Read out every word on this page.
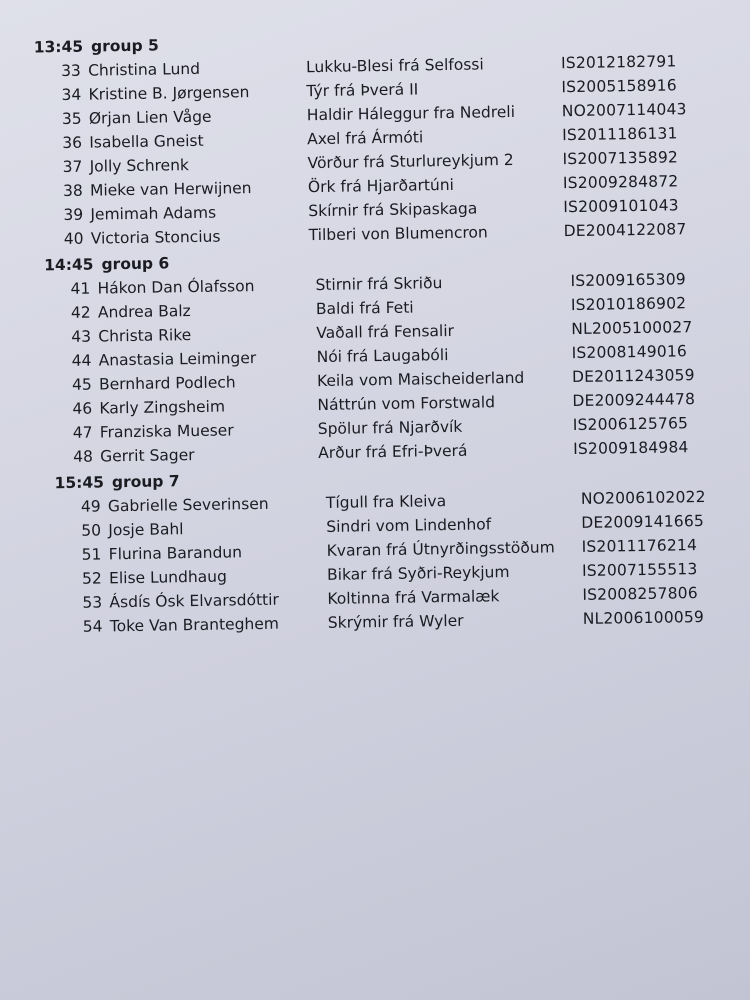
13:45 group 5
33 Christina Lund	Lukku-Blesi frá Selfossi	IS2012182791
34 Kristine B. Jørgensen	Týr frá Þverá II	IS2005158916
35 Ørjan Lien Våge	Haldir Háleggur fra Nedreli	NO2007114043
36 Isabella Gneist	Axel frá Ármóti	IS2011186131
37 Jolly Schrenk	Vörður frá Sturlureykjum 2	IS2007135892
38 Mieke van Herwijnen	Örk frá Hjarðartúni	IS2009284872
39 Jemimah Adams	Skírnir frá Skipaskaga	IS2009101043
40 Victoria Stoncius	Tilberi von Blumencron	DE2004122087
14:45 group 6
41 Hákon Dan Ólafsson	Stirnir frá Skriðu	IS2009165309
42 Andrea Balz	Baldi frá Feti	IS2010186902
43 Christa Rike	Vaðall frá Fensalir	NL2005100027
44 Anastasia Leiminger	Nói frá Laugabóli	IS2008149016
45 Bernhard Podlech	Keila vom Maischeiderland	DE2011243059
46 Karly Zingsheim	Náttrún vom Forstwald	DE2009244478
47 Franziska Mueser	Spölur frá Njarðvík	IS2006125765
48 Gerrit Sager	Arður frá Efri-Þverá	IS2009184984
15:45 group 7
49 Gabrielle Severinsen	Tígull fra Kleiva	NO2006102022
50 Josje Bahl	Sindri vom Lindenhof	DE2009141665
51 Flurina Barandun	Kvaran frá Útnyrðingsstöðum IS2011176214
52 Elise Lundhaug	Bikar frá Syðri-Reykjum	IS2007155513
53 Ásdís Ósk Elvarsdóttir	Koltinna frá Varmalæk	IS2008257806
54 Toke Van Branteghem	Skrýmir frá Wyler	NL2006100059
